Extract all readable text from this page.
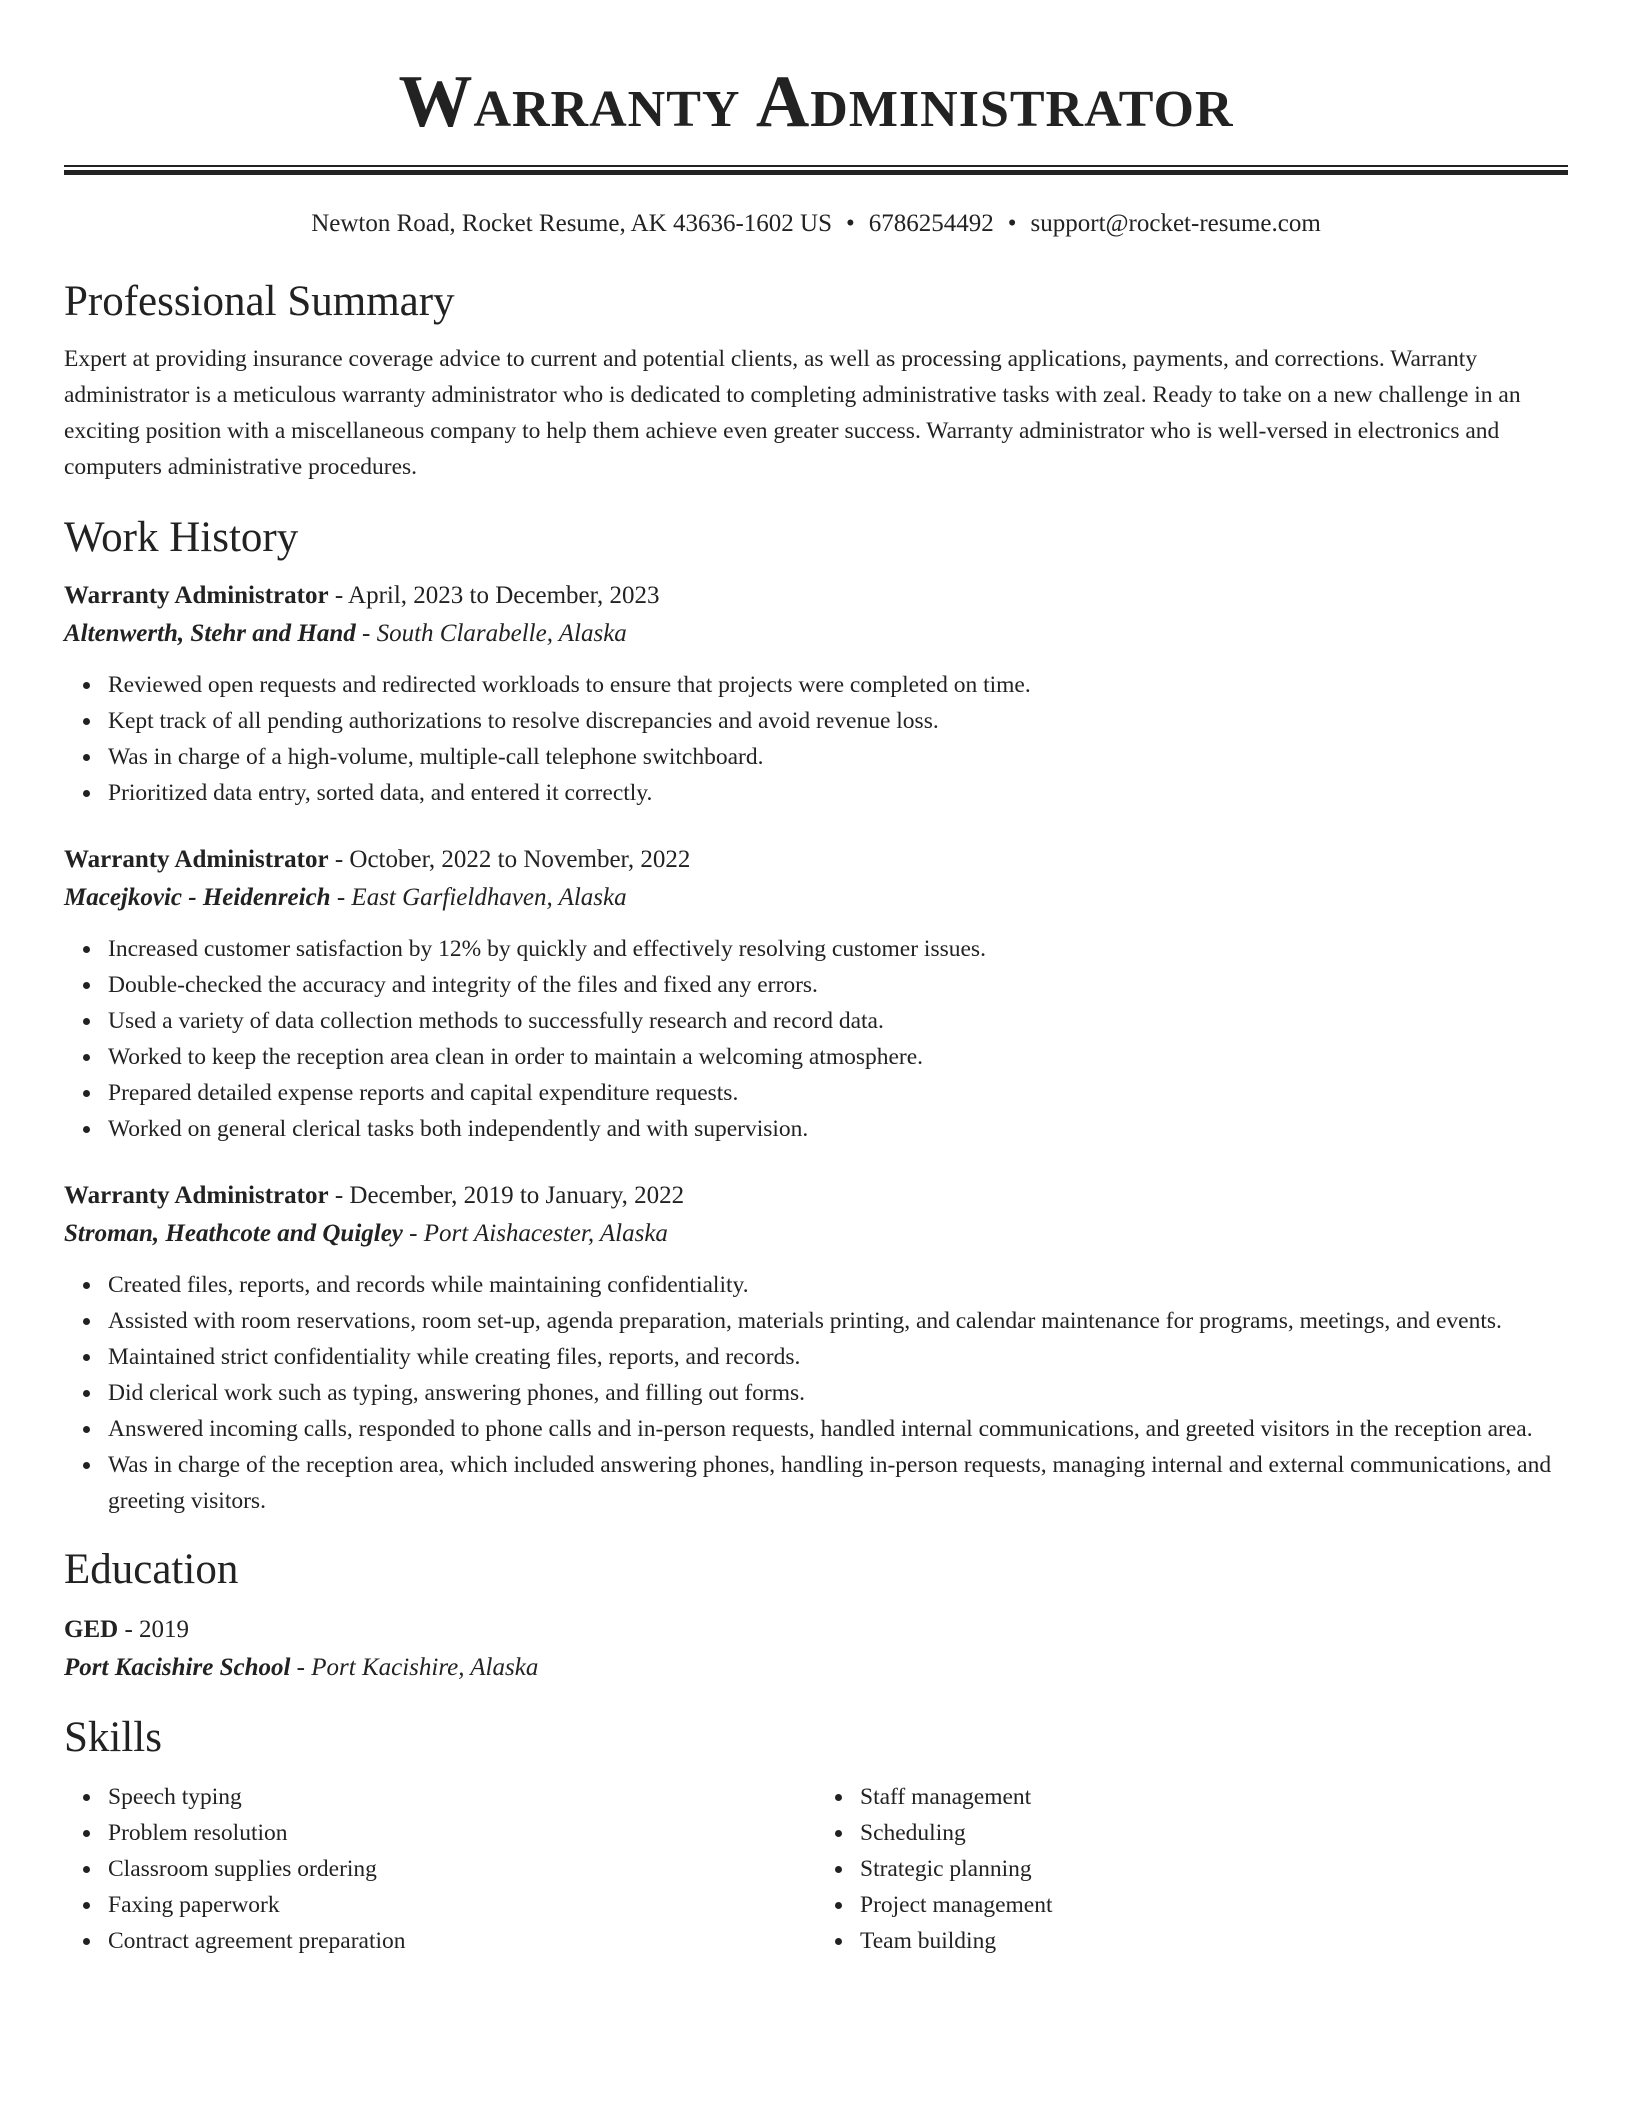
Warranty Administrator
Newton Road, Rocket Resume, AK 43636-1602 US • 6786254492 • support@rocket-resume.com
Professional Summary

Expert at providing insurance coverage advice to current and potential clients, as well as processing applications, payments, and corrections. Warranty administrator is a meticulous warranty administrator who is dedicated to completing administrative tasks with zeal. Ready to take on a new challenge in an exciting position with a miscellaneous company to help them achieve even greater success. Warranty administrator who is well-versed in electronics and computers administrative procedures.

Work History
Warranty Administrator - April, 2023 to December, 2023
Altenwerth, Stehr and Hand - South Clarabelle, Alaska
Reviewed open requests and redirected workloads to ensure that projects were completed on time.
Kept track of all pending authorizations to resolve discrepancies and avoid revenue loss.
Was in charge of a high-volume, multiple-call telephone switchboard.
Prioritized data entry, sorted data, and entered it correctly.
Warranty Administrator - October, 2022 to November, 2022
Macejkovic - Heidenreich - East Garfieldhaven, Alaska
Increased customer satisfaction by 12% by quickly and effectively resolving customer issues.
Double-checked the accuracy and integrity of the files and fixed any errors.
Used a variety of data collection methods to successfully research and record data.
Worked to keep the reception area clean in order to maintain a welcoming atmosphere.
Prepared detailed expense reports and capital expenditure requests.
Worked on general clerical tasks both independently and with supervision.
Warranty Administrator - December, 2019 to January, 2022
Stroman, Heathcote and Quigley - Port Aishacester, Alaska
Created files, reports, and records while maintaining confidentiality.
Assisted with room reservations, room set-up, agenda preparation, materials printing, and calendar maintenance for programs, meetings, and events.
Maintained strict confidentiality while creating files, reports, and records.
Did clerical work such as typing, answering phones, and filling out forms.
Answered incoming calls, responded to phone calls and in-person requests, handled internal communications, and greeted visitors in the reception area.
Was in charge of the reception area, which included answering phones, handling in-person requests, managing internal and external communications, and greeting visitors.
Education
GED - 2019
Port Kacishire School - Port Kacishire, Alaska
Skills
Speech typing
Problem resolution
Classroom supplies ordering
Faxing paperwork
Contract agreement preparation
Staff management
Scheduling
Strategic planning
Project management
Team building
